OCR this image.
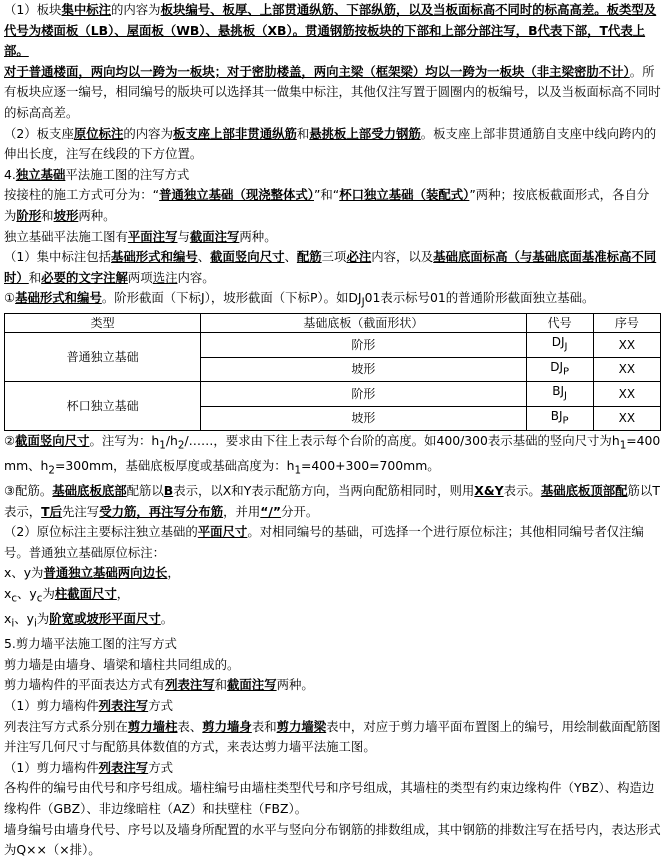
（1）板块集中标注的内容为板块编号、板厚、上部贯通纵筋、下部纵筋，以及当板面标高不同时的标高高差。板类型及代号为楼面板（LB）、屋面板（WB）、悬挑板（XB）。贯通钢筋按板块的下部和上部分部注写，B代表下部，T代表上部。

对于普通楼面，两向均以一跨为一板块；对于密肋楼盖，两向主梁（框架梁）均以一跨为一板块（非主梁密肋不计）。所有板块应逐一编号，相同编号的版块可以选择其一做集中标注，其他仅注写置于圆圈内的板编号，以及当板面标高不同时的标高高差。

（2）板支座原位标注的内容为板支座上部非贯通纵筋和悬挑板上部受力钢筋。板支座上部非贯通筋自支座中线向跨内的伸出长度，注写在线段的下方位置。

4.独立基础平法施工图的注写方式

按接柱的施工方式可分为：“普通独立基础（现浇整体式）”和“杯口独立基础（装配式）”两种；按底板截面形式，各自分为阶形和坡形两种。

独立基础平法施工图有平面注写与截面注写两种。

（1）集中标注包括基础形式和编号、截面竖向尺寸、配筋三项必注内容，以及基础底面标高（与基础底面基准标高不同时）和必要的文字注解两项选注内容。

①基础形式和编号。阶形截面（下标J），坡形截面（下标P）。如$DJ_J01$表示标号01的普通阶形截面独立基础。

类型	基础底板（截面形状）	代号	序号
普通独立基础	阶形	$DJ_J$	XX
	坡形	$DJ_P$	XX
杯口独立基础	阶形	$BJ_J$	XX
	坡形	$BJ_P$	XX

②截面竖向尺寸。注写为：$h_1/h_2/\dots\dots$，要求由下往上表示每个台阶的高度。如400/300表示基础的竖向尺寸为$h_1=400mm$、$h_2=300mm$，基础底板厚度或基础高度为：$h_1=400+300=700mm$。

③配筋。基础底板底部配筋以B表示，以X和Y表示配筋方向，当两向配筋相同时，则用X&Y表示。基础底板顶部配筋以T表示，T后先注写受力筋，再注写分布筋，并用“/”分开。

（2）原位标注主要标注独立基础的平面尺寸。对相同编号的基础，可选择一个进行原位标注；其他相同编号者仅注编号。普通独立基础原位标注：

x、y为普通独立基础两向边长，

$x_c$、$y_c$为柱截面尺寸，

$x_i$、$y_i$为阶宽或坡形平面尺寸。

5.剪力墙平法施工图的注写方式

剪力墙是由墙身、墙梁和墙柱共同组成的。

剪力墙构件的平面表达方式有列表注写和截面注写两种。

（1）剪力墙构件列表注写方式

列表注写方式系分别在剪力墙柱表、剪力墙身表和剪力墙梁表中，对应于剪力墙平面布置图上的编号，用绘制截面配筋图并注写几何尺寸与配筋具体数值的方式，来表达剪力墙平法施工图。

（1）剪力墙构件列表注写方式

各构件的编号由代号和序号组成。墙柱编号由墙柱类型代号和序号组成，其墙柱的类型有约束边缘构件（YBZ）、构造边缘构件（GBZ）、非边缘暗柱（AZ）和扶壁柱（FBZ）。

墙身编号由墙身代号、序号以及墙身所配置的水平与竖向分布钢筋的排数组成，其中钢筋的排数注写在括号内，表达形式为Q××（×排）。
